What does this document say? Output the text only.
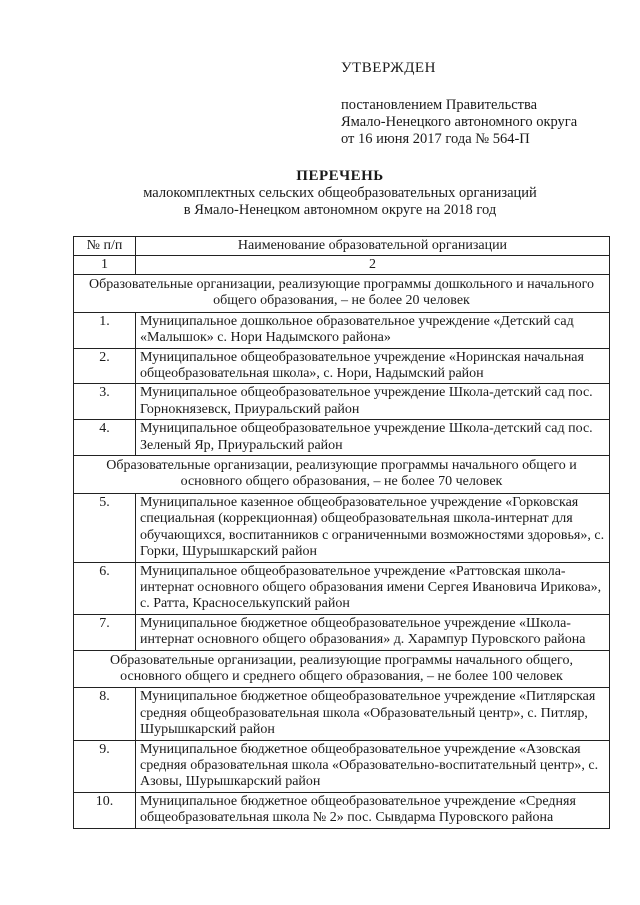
УТВЕРЖДЕН
постановлением Правительства
Ямало-Ненецкого автономного округа
от 16 июня 2017 года № 564-П
ПЕРЕЧЕНЬ
малокомплектных сельских общеобразовательных организаций
в Ямало-Ненецком автономном округе на 2018 год
№ п/п	Наименование образовательной организации
1	2
Образовательные организации, реализующие программы дошкольного и начального общего образования, – не более 20 человек	
1.	Муниципальное дошкольное образовательное учреждение «Детский сад «Малышок» с. Нори Надымского района»
2.	Муниципальное общеобразовательное учреждение «Норинская начальная общеобразовательная школа», с. Нори, Надымский район
3.	Муниципальное общеобразовательное учреждение Школа-детский сад пос. Горнокнязевск, Приуральский район
4.	Муниципальное общеобразовательное учреждение Школа-детский сад пос. Зеленый Яр, Приуральский район
Образовательные организации, реализующие программы начального общего и основного общего образования, – не более 70 человек	
5.	Муниципальное казенное общеобразовательное учреждение «Горковская специальная (коррекционная) общеобразовательная школа-интернат для обучающихся, воспитанников с ограниченными возможностями здоровья», с. Горки, Шурышкарский район
6.	Муниципальное общеобразовательное учреждение «Раттовская школа-интернат основного общего образования имени Сергея Ивановича Ирикова», с. Ратта, Красноселькупский район
7.	Муниципальное бюджетное общеобразовательное учреждение «Школа-интернат основного общего образования» д. Харампур Пуровского района
Образовательные организации, реализующие программы начального общего, основного общего и среднего общего образования, – не более 100 человек	
8.	Муниципальное бюджетное общеобразовательное учреждение «Питлярская средняя общеобразовательная школа «Образовательный центр», с. Питляр, Шурышкарский район
9.	Муниципальное бюджетное общеобразовательное учреждение «Азовская средняя образовательная школа «Образовательно-воспитательный центр», с. Азовы, Шурышкарский район
10.	Муниципальное бюджетное общеобразовательное учреждение «Средняя общеобразовательная школа № 2» пос. Сывдарма Пуровского района
